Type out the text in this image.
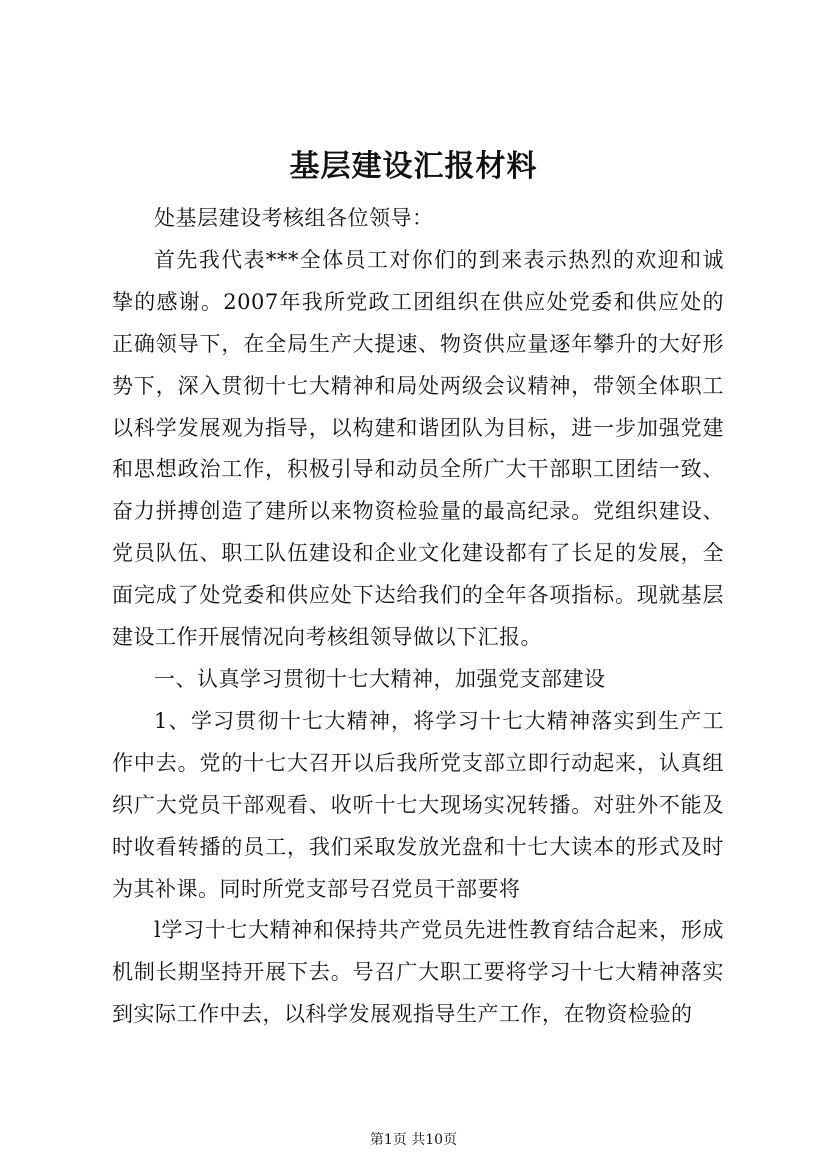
基层建设汇报材料

处基层建设考核组各位领导：

首先我代表***全体员工对你们的到来表示热烈的欢迎和诚挚的感谢。2007年我所党政工团组织在供应处党委和供应处的正确领导下，在全局生产大提速、物资供应量逐年攀升的大好形势下，深入贯彻十七大精神和局处两级会议精神，带领全体职工以科学发展观为指导，以构建和谐团队为目标，进一步加强党建和思想政治工作，积极引导和动员全所广大干部职工团结一致、奋力拼搏创造了建所以来物资检验量的最高纪录。党组织建设、党员队伍、职工队伍建设和企业文化建设都有了长足的发展，全面完成了处党委和供应处下达给我们的全年各项指标。现就基层建设工作开展情况向考核组领导做以下汇报。

一、认真学习贯彻十七大精神，加强党支部建设

1、学习贯彻十七大精神，将学习十七大精神落实到生产工作中去。党的十七大召开以后我所党支部立即行动起来，认真组织广大党员干部观看、收听十七大现场实况转播。对驻外不能及时收看转播的员工，我们采取发放光盘和十七大读本的形式及时为其补课。同时所党支部号召党员干部要将

l学习十七大精神和保持共产党员先进性教育结合起来，形成机制长期坚持开展下去。号召广大职工要将学习十七大精神落实到实际工作中去，以科学发展观指导生产工作，在物资检验的

第1页 共10页
